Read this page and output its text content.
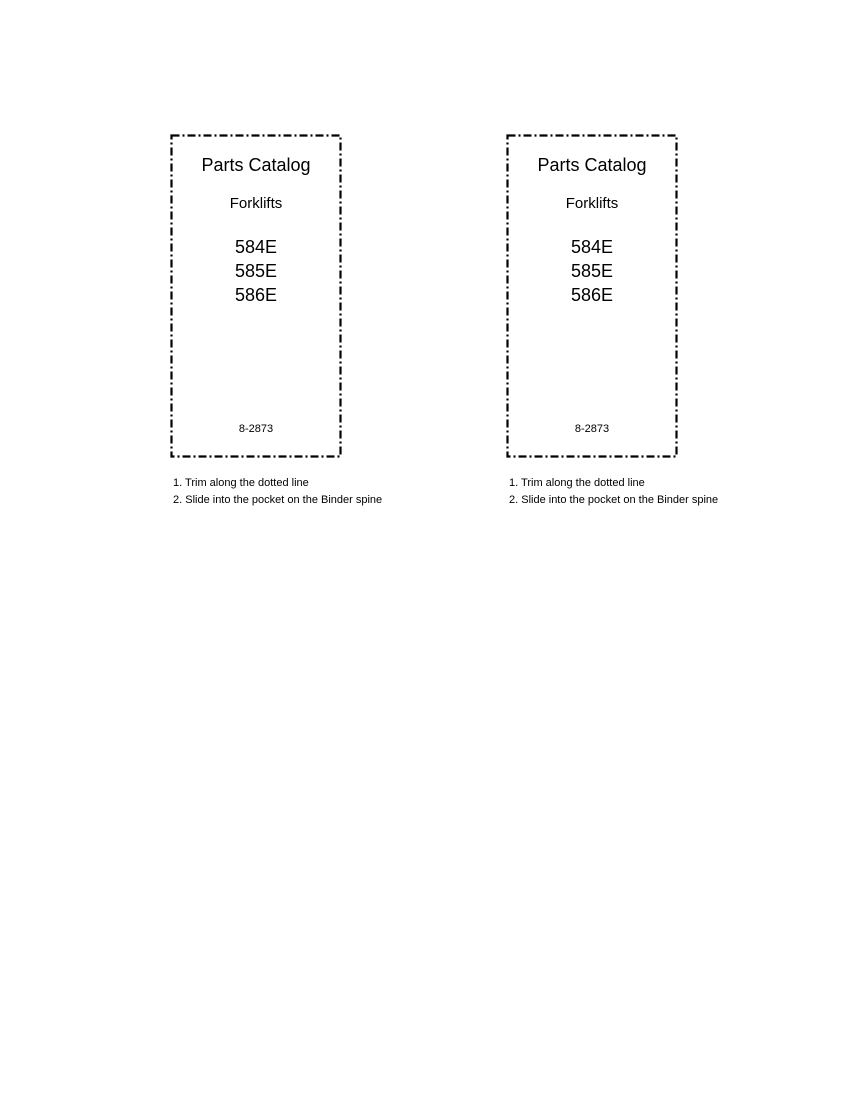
Parts Catalog
Forklifts
584E
585E
586E
8-2873
1. Trim along the dotted line
2. Slide into the pocket on the Binder spine
Parts Catalog
Forklifts
584E
585E
586E
8-2873
1. Trim along the dotted line
2. Slide into the pocket on the Binder spine
